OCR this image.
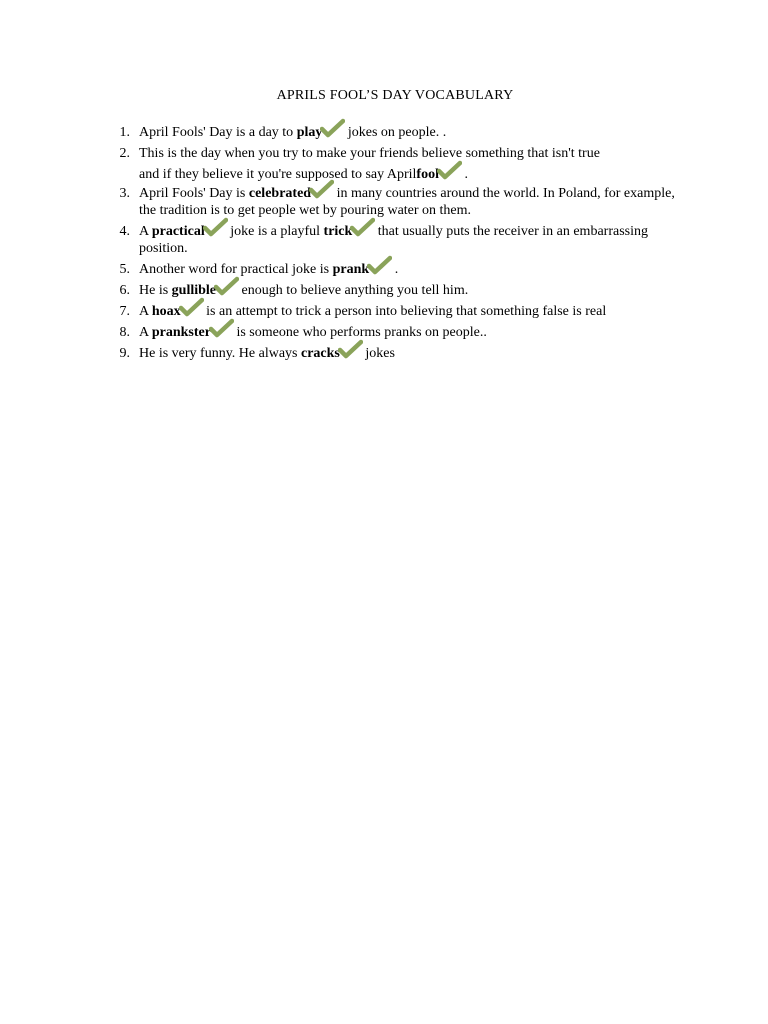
APRILS FOOL’S DAY VOCABULARY
1. April Fools' Day is a day to play
jokes on people. .
2. This is the day when you try to make your friends believe something that isn't true
and if they believe it you're supposed to say Aprilfool
.
3. April Fools' Day is celebrated
in many countries around the world. In Poland, for example, the tradition is to get people wet by pouring water on them.
4. A practical
joke is a playful trick
that usually puts the receiver in an embarrassing position.
5. Another word for practical joke is prank
.
6. He is gullible
enough to believe anything you tell him.
7. A hoax
is an attempt to trick a person into believing that something false is real
8. A prankster
is someone who performs pranks on people..
9. He is very funny. He always cracks
jokes
